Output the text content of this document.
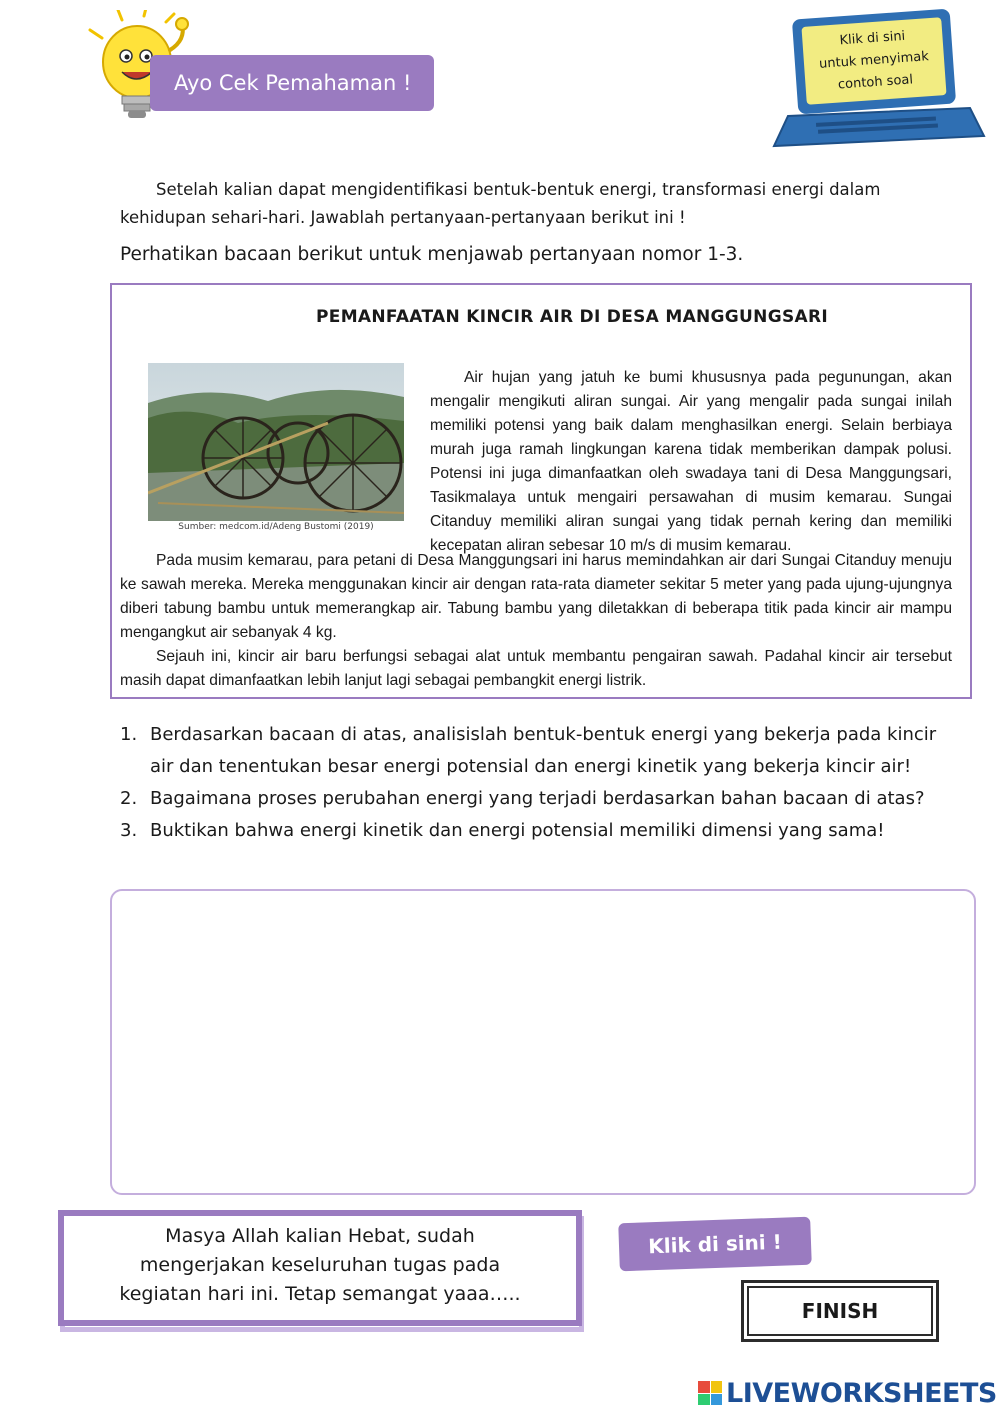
Ayo Cek Pemahaman !
Klik di sini
untuk menyimak
contoh soal

Setelah kalian dapat mengidentifikasi bentuk-bentuk energi, transformasi energi dalam kehidupan sehari-hari. Jawablah pertanyaan-pertanyaan berikut ini !

Perhatikan bacaan berikut untuk menjawab pertanyaan nomor 1-3.
PEMANFAATAN KINCIR AIR DI DESA MANGGUNGSARI
Sumber: medcom.id/Adeng Bustomi (2019)
Air hujan yang jatuh ke bumi khususnya pada pegunungan, akan mengalir mengikuti aliran sungai. Air yang mengalir pada sungai inilah memiliki potensi yang baik dalam menghasilkan energi. Selain berbiaya murah juga ramah lingkungan karena tidak memberikan dampak polusi. Potensi ini juga dimanfaatkan oleh swadaya tani di Desa Manggungsari, Tasikmalaya untuk mengairi persawahan di musim kemarau. Sungai Citanduy memiliki aliran sungai yang tidak pernah kering dan memiliki kecepatan aliran sebesar 10 m/s di musim kemarau.

Pada musim kemarau, para petani di Desa Manggungsari ini harus memindahkan air dari Sungai Citanduy menuju ke sawah mereka. Mereka menggunakan kincir air dengan rata-rata diameter sekitar 5 meter yang pada ujung-ujungnya diberi tabung bambu untuk memerangkap air. Tabung bambu yang diletakkan di beberapa titik pada kincir air mampu mengangkut air sebanyak 4 kg.

Sejauh ini, kincir air baru berfungsi sebagai alat untuk membantu pengairan sawah. Padahal kincir air tersebut masih dapat dimanfaatkan lebih lanjut lagi sebagai pembangkit energi listrik.

1. Berdasarkan bacaan di atas, analisislah bentuk-bentuk energi yang bekerja pada kincir air dan tenentukan besar energi potensial dan energi kinetik yang bekerja kincir air!
2. Bagaimana proses perubahan energi yang terjadi berdasarkan bahan bacaan di atas?
3. Buktikan bahwa energi kinetik dan energi potensial memiliki dimensi yang sama!
Masya Allah kalian Hebat, sudah
mengerjakan keseluruhan tugas pada
kegiatan hari ini. Tetap semangat yaaa…..
Klik di sini !
FINISH
LIVEWORKSHEETS
